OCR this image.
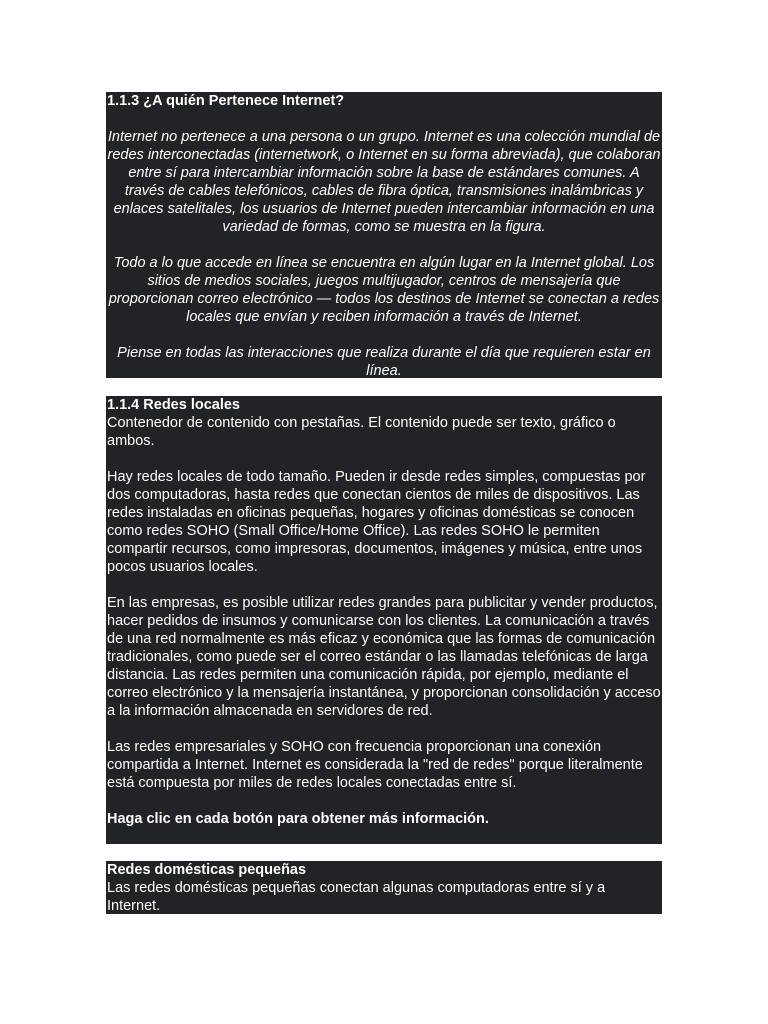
1.1.3 ¿A quién Pertenece Internet?

Internet no pertenece a una persona o un grupo. Internet es una colección mundial de redes interconectadas (internetwork, o Internet en su forma abreviada), que colaboran entre sí para intercambiar información sobre la base de estándares comunes. A través de cables telefónicos, cables de fibra óptica, transmisiones inalámbricas y enlaces satelitales, los usuarios de Internet pueden intercambiar información en una variedad de formas, como se muestra en la figura.

Todo a lo que accede en línea se encuentra en algún lugar en la Internet global. Los sitios de medios sociales, juegos multijugador, centros de mensajería que proporcionan correo electrónico — todos los destinos de Internet se conectan a redes locales que envían y reciben información a través de Internet.

Piense en todas las interacciones que realiza durante el día que requieren estar en línea.

1.1.4 Redes locales

Contenedor de contenido con pestañas. El contenido puede ser texto, gráfico o ambos.

Hay redes locales de todo tamaño. Pueden ir desde redes simples, compuestas por dos computadoras, hasta redes que conectan cientos de miles de dispositivos. Las redes instaladas en oficinas pequeñas, hogares y oficinas domésticas se conocen como redes SOHO (Small Office/Home Office). Las redes SOHO le permiten compartir recursos, como impresoras, documentos, imágenes y música, entre unos pocos usuarios locales.

En las empresas, es posible utilizar redes grandes para publicitar y vender productos, hacer pedidos de insumos y comunicarse con los clientes. La comunicación a través de una red normalmente es más eficaz y económica que las formas de comunicación tradicionales, como puede ser el correo estándar o las llamadas telefónicas de larga distancia. Las redes permiten una comunicación rápida, por ejemplo, mediante el correo electrónico y la mensajería instantánea, y proporcionan consolidación y acceso a la información almacenada en servidores de red.

Las redes empresariales y SOHO con frecuencia proporcionan una conexión compartida a Internet. Internet es considerada la "red de redes" porque literalmente está compuesta por miles de redes locales conectadas entre sí.

Haga clic en cada botón para obtener más información.

Redes domésticas pequeñas

Las redes domésticas pequeñas conectan algunas computadoras entre sí y a Internet.
